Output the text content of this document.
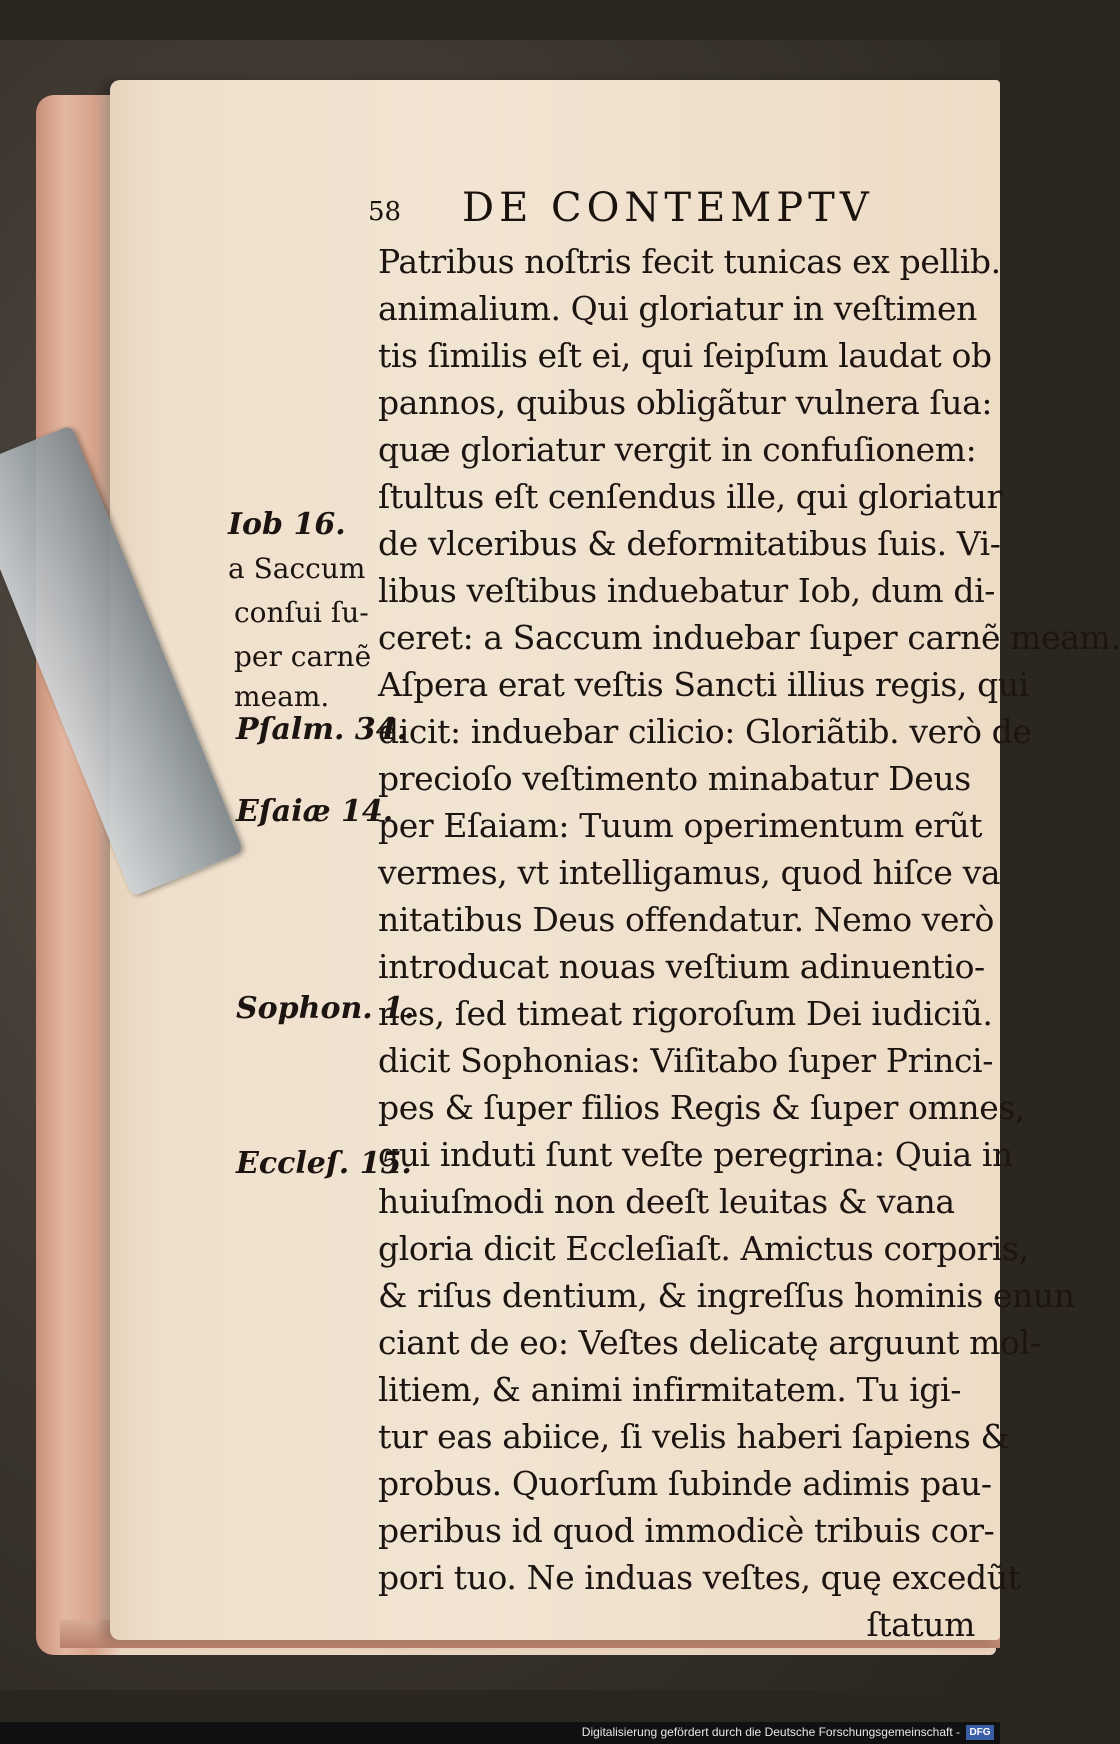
58 DE CONTEMPTV
Patribus noſtris fecit tunicas ex pellib.
animalium. Qui gloriatur in veſtimen
tis ſimilis eſt ei, qui ſeipſum laudat ob
pannos, quibus obligãtur vulnera ſua:
quæ gloriatur vergit in confuſionem:
ſtultus eſt cenſendus ille, qui gloriatur
de vlceribus & deformitatibus ſuis. Vi-
libus veſtibus induebatur Iob, dum di-
ceret: a Saccum induebar ſuper carnẽ meam.
Aſpera erat veſtis Sancti illius regis, qui
dicit: induebar cilicio: Gloriãtib. verò de
precioſo veſtimento minabatur Deus
per Eſaiam: Tuum operimentum erũt
vermes, vt intelligamus, quod hiſce va
nitatibus Deus offendatur. Nemo verò
introducat nouas veſtium adinuentio-
nes, ſed timeat rigoroſum Dei iudiciũ.
dicit Sophonias: Viſitabo ſuper Princi-
pes & ſuper filios Regis & ſuper omnes,
qui induti ſunt veſte peregrina: Quia in
huiuſmodi non deeſt leuitas & vana
gloria dicit Eccleſiaſt. Amictus corporis,
& riſus dentium, & ingreſſus hominis enun
ciant de eo: Veſtes delicatę arguunt mol-
litiem, & animi infirmitatem. Tu igi-
tur eas abiice, ſi velis haberi ſapiens &
probus. Quorſum ſubinde adimis pau-
peribus id quod immodicè tribuis cor-
pori tuo. Ne induas veſtes, quę excedũt
ſtatum
Iob 16.
a Saccum
conſui ſu-
per carnẽ
meam.
Pſalm. 34.
Eſaiæ 14.
Sophon. 1.
Eccleſ. 15.
Digitalisierung gefördert durch die Deutsche Forschungsgemeinschaft - DFG
